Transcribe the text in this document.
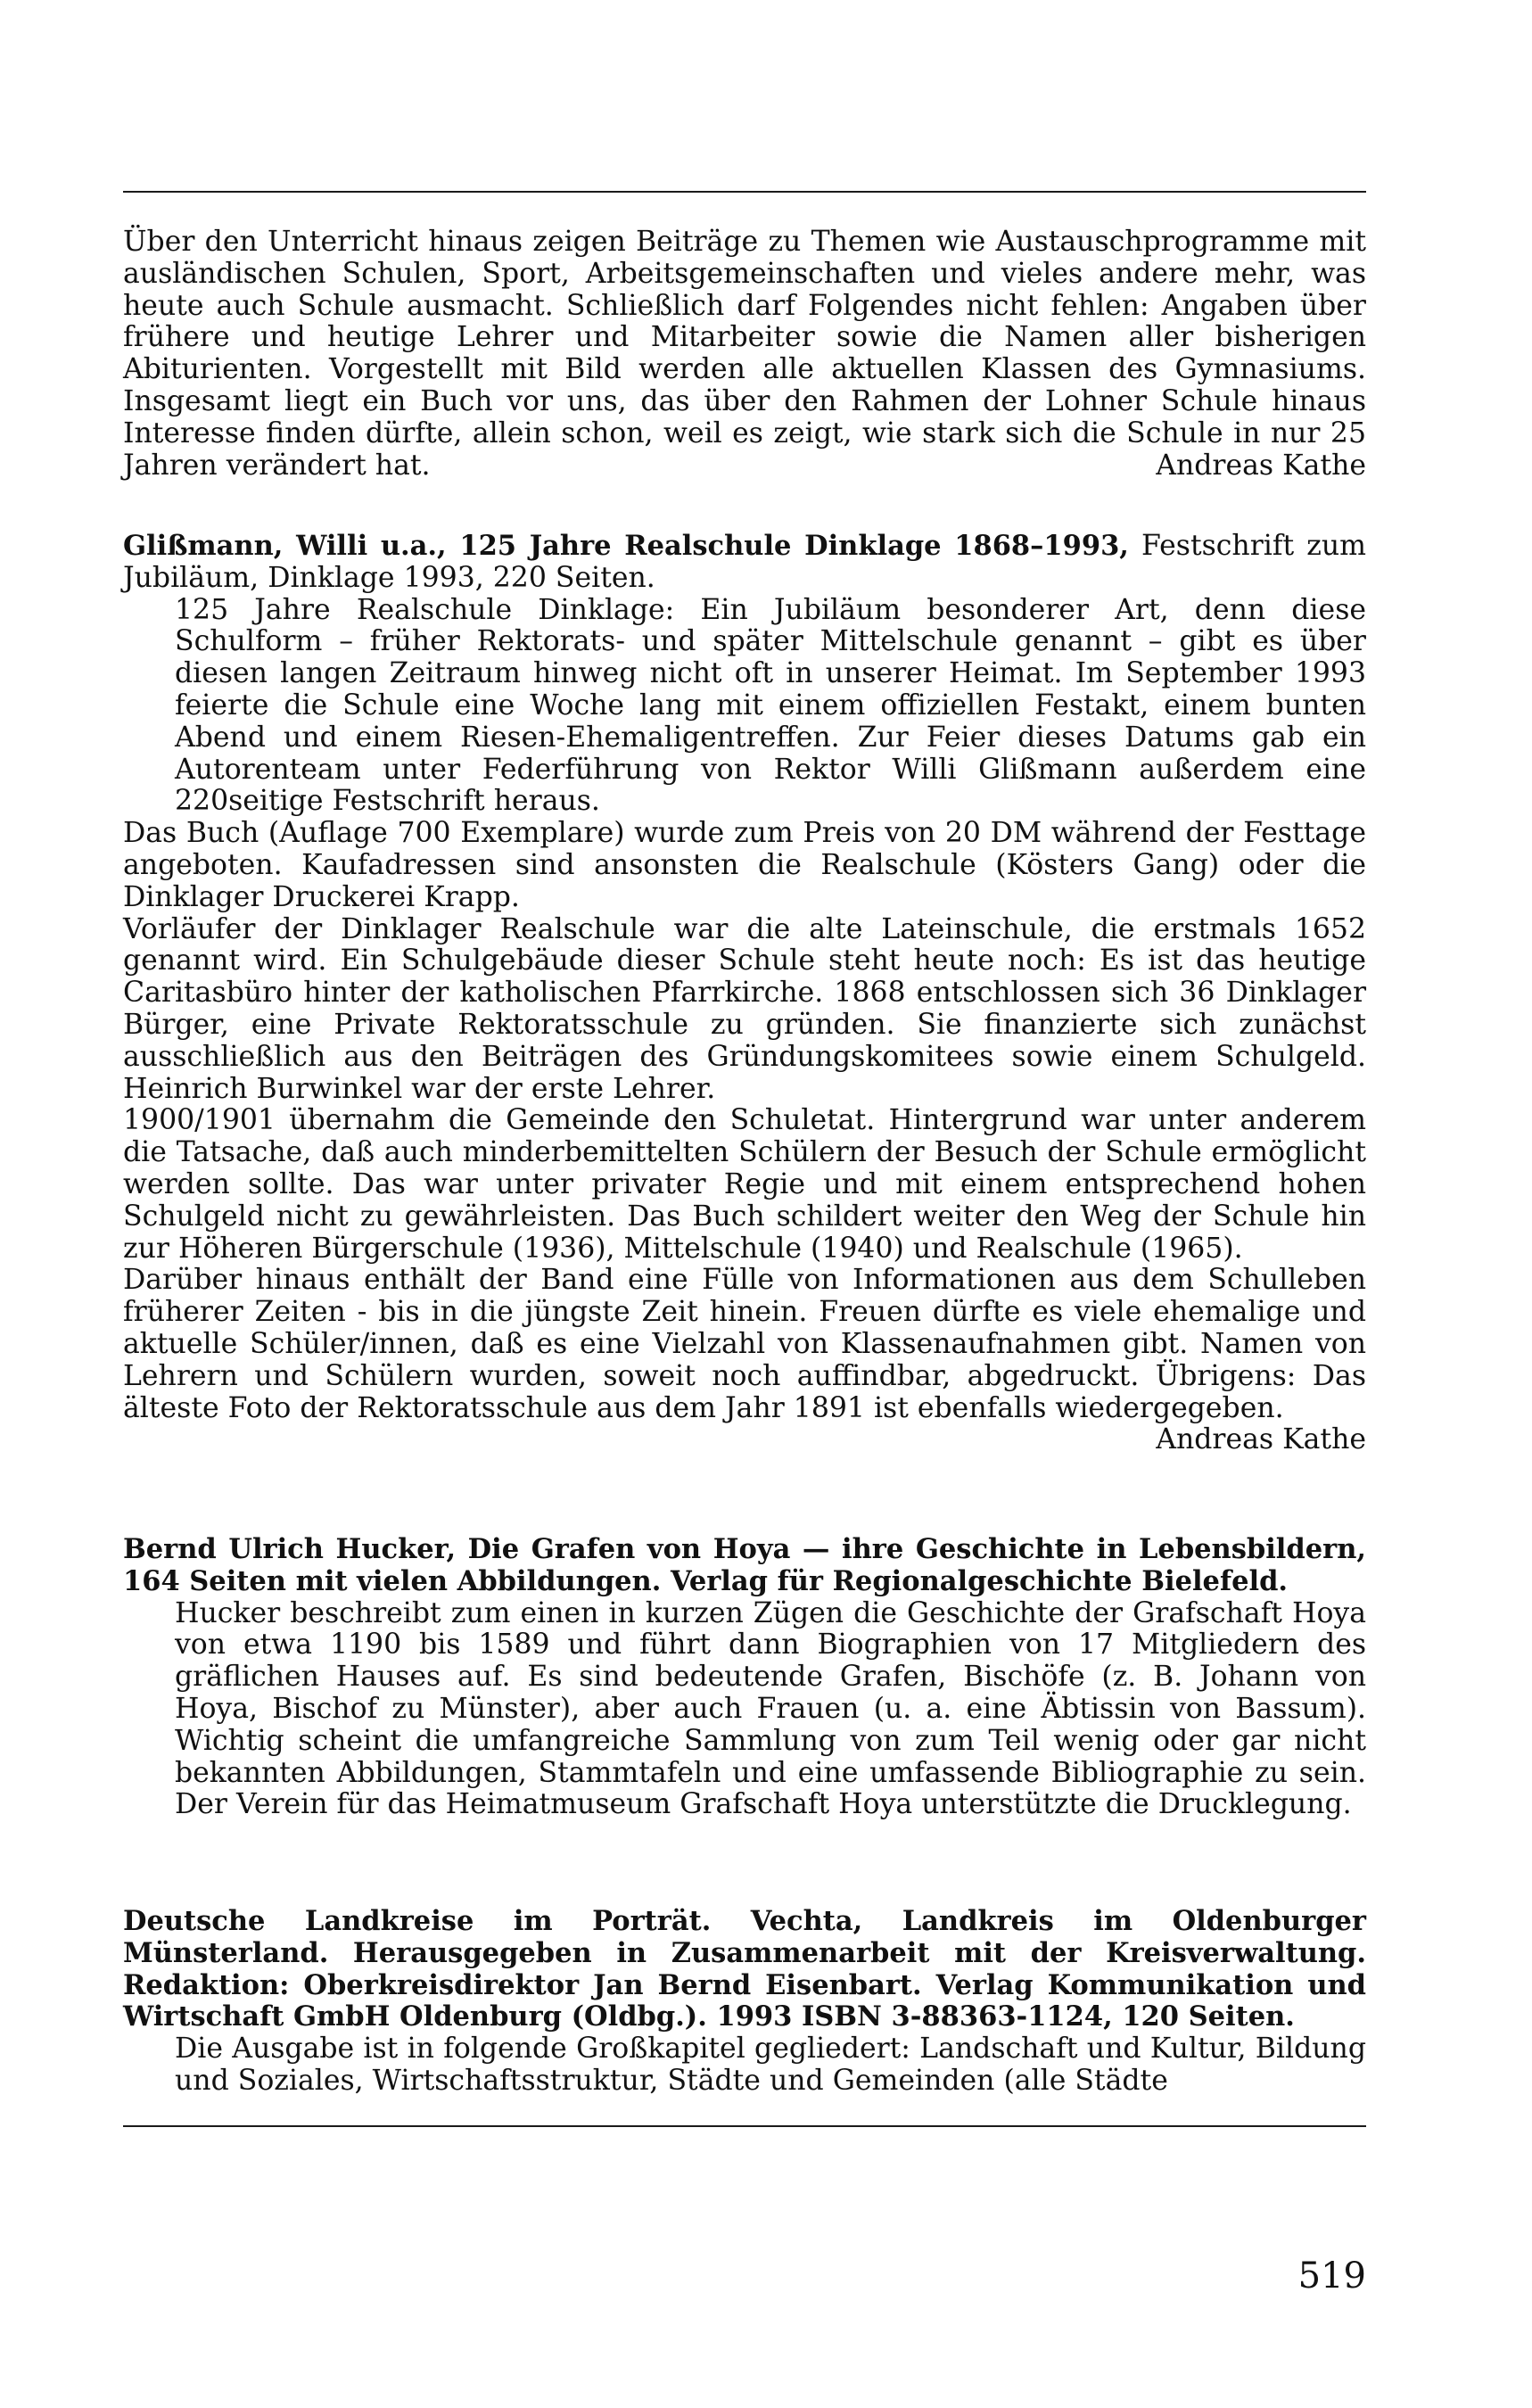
Über den Unterricht hinaus zeigen Beiträge zu Themen wie Austauschprogramme mit ausländischen Schulen, Sport, Arbeitsgemeinschaften und vieles andere mehr, was heute auch Schule ausmacht. Schließlich darf Folgendes nicht fehlen: Angaben über frühere und heutige Lehrer und Mitarbeiter sowie die Namen aller bisherigen Abiturienten. Vorgestellt mit Bild werden alle aktuellen Klassen des Gymnasiums. Insgesamt liegt ein Buch vor uns, das über den Rahmen der Lohner Schule hinaus Interesse finden dürfte, allein schon, weil es zeigt, wie stark sich die Schule in nur 25 Jahren verändert hat.	Andreas Kathe

Glißmann, Willi u.a., 125 Jahre Realschule Dinklage 1868–1993, Festschrift zum Jubiläum, Dinklage 1993, 220 Seiten.

125 Jahre Realschule Dinklage: Ein Jubiläum besonderer Art, denn diese Schulform – früher Rektorats- und später Mittelschule genannt – gibt es über diesen langen Zeitraum hinweg nicht oft in unserer Heimat. Im September 1993 feierte die Schule eine Woche lang mit einem offiziellen Festakt, einem bunten Abend und einem Riesen-Ehemaligentreffen. Zur Feier dieses Datums gab ein Autorenteam unter Federführung von Rektor Willi Glißmann außerdem eine 220seitige Festschrift heraus.

Das Buch (Auflage 700 Exemplare) wurde zum Preis von 20 DM während der Festtage angeboten. Kaufadressen sind ansonsten die Realschule (Kösters Gang) oder die Dinklager Druckerei Krapp.

Vorläufer der Dinklager Realschule war die alte Lateinschule, die erstmals 1652 genannt wird. Ein Schulgebäude dieser Schule steht heute noch: Es ist das heutige Caritasbüro hinter der katholischen Pfarrkirche. 1868 entschlossen sich 36 Dinklager Bürger, eine Private Rektoratsschule zu gründen. Sie finanzierte sich zunächst ausschließlich aus den Beiträgen des Gründungskomitees sowie einem Schulgeld. Heinrich Burwinkel war der erste Lehrer.

1900/1901 übernahm die Gemeinde den Schuletat. Hintergrund war unter anderem die Tatsache, daß auch minderbemittelten Schülern der Besuch der Schule ermöglicht werden sollte. Das war unter privater Regie und mit einem entsprechend hohen Schulgeld nicht zu gewährleisten. Das Buch schildert weiter den Weg der Schule hin zur Höheren Bürgerschule (1936), Mittelschule (1940) und Realschule (1965).

Darüber hinaus enthält der Band eine Fülle von Informationen aus dem Schulleben früherer Zeiten - bis in die jüngste Zeit hinein. Freuen dürfte es viele ehemalige und aktuelle Schüler/innen, daß es eine Vielzahl von Klassenaufnahmen gibt. Namen von Lehrern und Schülern wurden, soweit noch auffindbar, abgedruckt. Übrigens: Das älteste Foto der Rektoratsschule aus dem Jahr 1891 ist ebenfalls wiedergegeben.
Andreas Kathe

Bernd Ulrich Hucker, Die Grafen von Hoya — ihre Geschichte in Lebensbildern, 164 Seiten mit vielen Abbildungen. Verlag für Regionalgeschichte Bielefeld.

Hucker beschreibt zum einen in kurzen Zügen die Geschichte der Grafschaft Hoya von etwa 1190 bis 1589 und führt dann Biographien von 17 Mitgliedern des gräflichen Hauses auf. Es sind bedeutende Grafen, Bischöfe (z. B. Johann von Hoya, Bischof zu Münster), aber auch Frauen (u. a. eine Äbtissin von Bassum). Wichtig scheint die umfangreiche Sammlung von zum Teil wenig oder gar nicht bekannten Abbildungen, Stammtafeln und eine umfassende Bibliographie zu sein. Der Verein für das Heimatmuseum Grafschaft Hoya unterstützte die Drucklegung.

Deutsche Landkreise im Porträt. Vechta, Landkreis im Oldenburger Münsterland. Herausgegeben in Zusammenarbeit mit der Kreisverwaltung. Redaktion: Oberkreisdirektor Jan Bernd Eisenbart. Verlag Kommunikation und Wirtschaft GmbH Oldenburg (Oldbg.). 1993 ISBN 3-88363-1124, 120 Seiten.

Die Ausgabe ist in folgende Großkapitel gegliedert: Landschaft und Kultur, Bildung und Soziales, Wirtschaftsstruktur, Städte und Gemeinden (alle Städte

519
